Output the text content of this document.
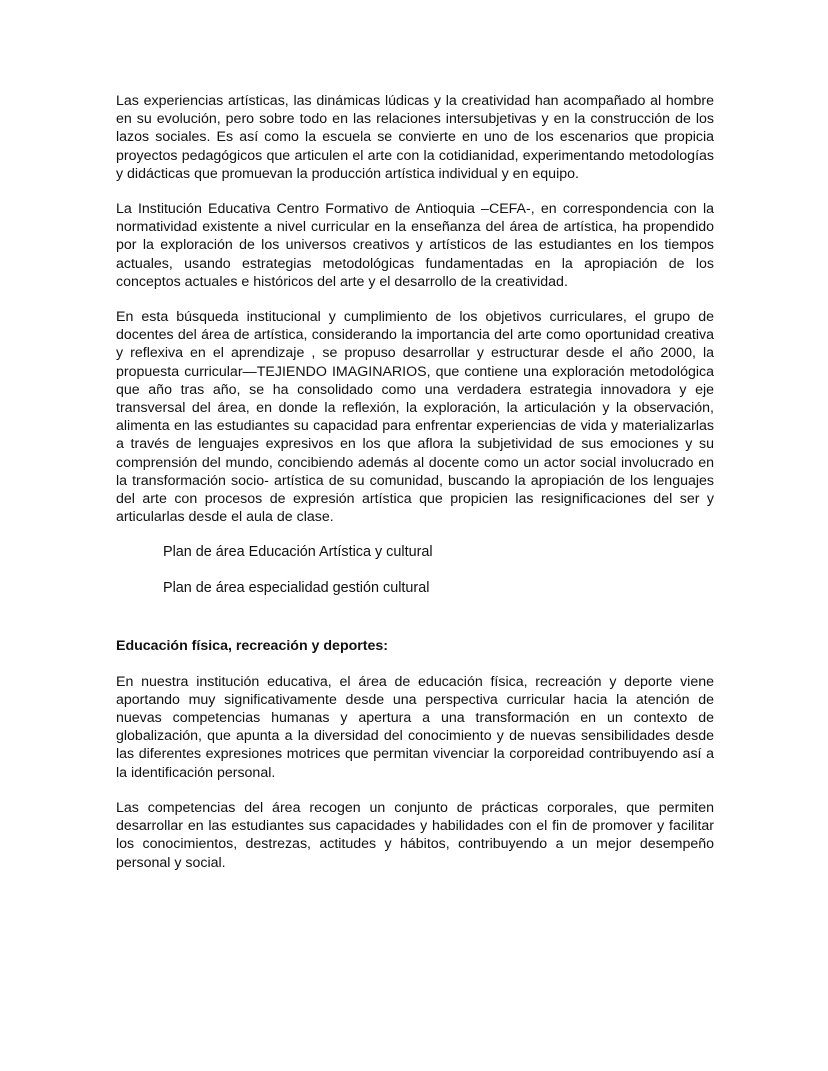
Las experiencias artísticas, las dinámicas lúdicas y la creatividad han acompañado al hombre en su evolución, pero sobre todo en las relaciones intersubjetivas y en la construcción de los lazos sociales. Es así como la escuela se convierte en uno de los escenarios que propicia proyectos pedagógicos que articulen el arte con la cotidianidad, experimentando metodologías y didácticas que promuevan la producción artística individual y en equipo.

La Institución Educativa Centro Formativo de Antioquia –CEFA-, en correspondencia con la normatividad existente a nivel curricular en la enseñanza del área de artística, ha propendido por la exploración de los universos creativos y artísticos de las estudiantes en los tiempos actuales, usando estrategias metodológicas fundamentadas en la apropiación de los conceptos actuales e históricos del arte y el desarrollo de la creatividad.

En esta búsqueda institucional y cumplimiento de los objetivos curriculares, el grupo de docentes del área de artística, considerando la importancia del arte como oportunidad creativa y reflexiva en el aprendizaje , se propuso desarrollar y estructurar desde el año 2000, la propuesta curricular—TEJIENDO IMAGINARIOS, que contiene una exploración metodológica que año tras año, se ha consolidado como una verdadera estrategia innovadora y eje transversal del área, en donde la reflexión, la exploración, la articulación y la observación, alimenta en las estudiantes su capacidad para enfrentar experiencias de vida y materializarlas a través de lenguajes expresivos en los que aflora la subjetividad de sus emociones y su comprensión del mundo, concibiendo además al docente como un actor social involucrado en la transformación socio- artística de su comunidad, buscando la apropiación de los lenguajes del arte con procesos de expresión artística que propicien las resignificaciones del ser y articularlas desde el aula de clase.

Plan de área Educación Artística y cultural
Plan de área especialidad gestión cultural

Educación física, recreación y deportes:

En nuestra institución educativa, el área de educación física, recreación y deporte viene aportando muy significativamente desde una perspectiva curricular hacia la atención de nuevas competencias humanas y apertura a una transformación en un contexto de globalización, que apunta a la diversidad del conocimiento y de nuevas sensibilidades desde las diferentes expresiones motrices que permitan vivenciar la corporeidad contribuyendo así a la identificación personal.

Las competencias del área recogen un conjunto de prácticas corporales, que permiten desarrollar en las estudiantes sus capacidades y habilidades con el fin de promover y facilitar los conocimientos, destrezas, actitudes y hábitos, contribuyendo a un mejor desempeño personal y social.
